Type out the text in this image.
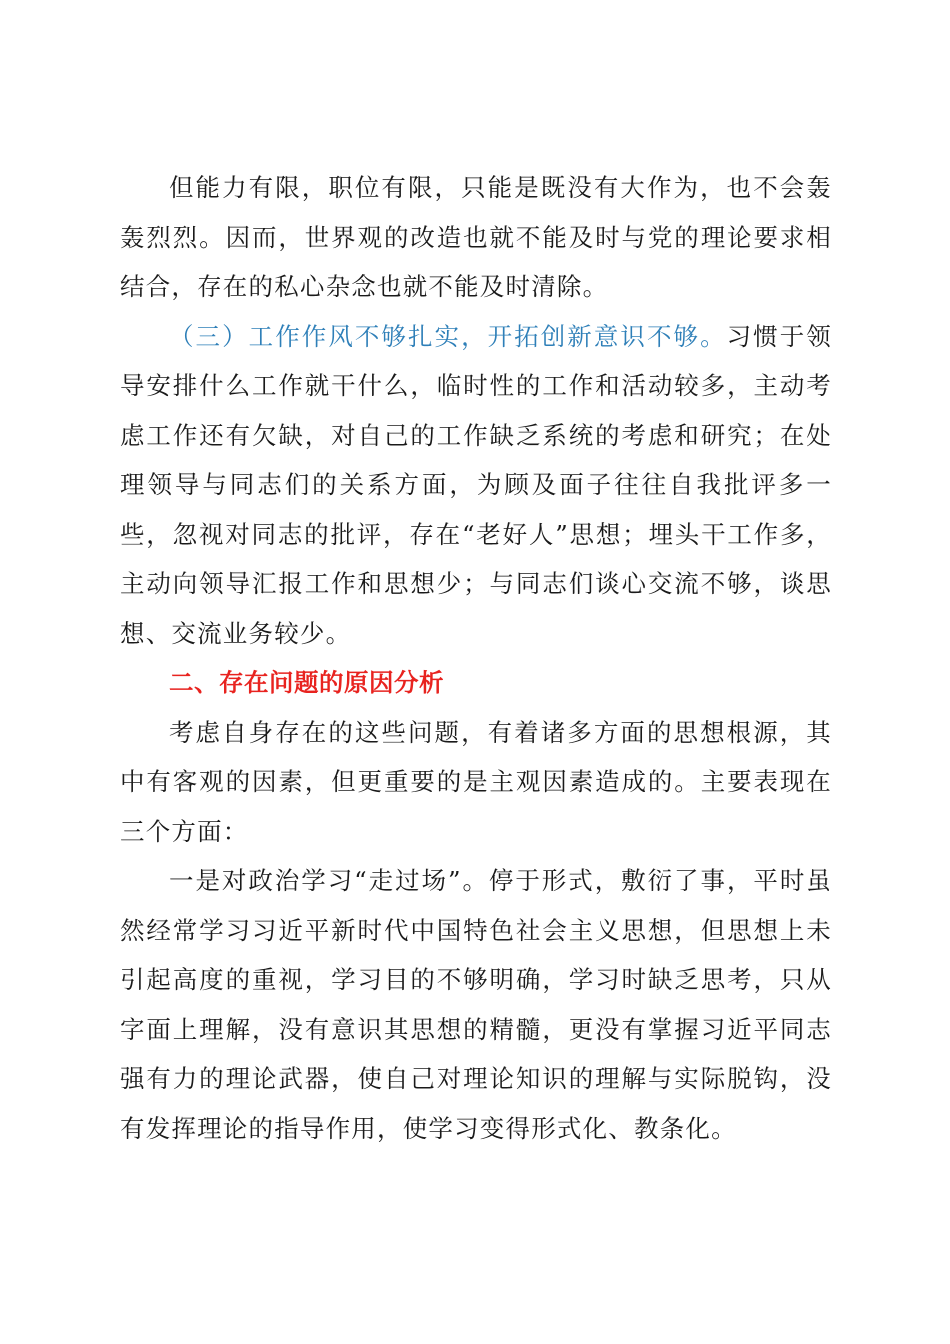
但能力有限，职位有限，只能是既没有大作为，也不会轰轰烈烈。因而，世界观的改造也就不能及时与党的理论要求相结合，存在的私心杂念也就不能及时清除。

（三）工作作风不够扎实，开拓创新意识不够。习惯于领导安排什么工作就干什么，临时性的工作和活动较多，主动考虑工作还有欠缺，对自己的工作缺乏系统的考虑和研究；在处理领导与同志们的关系方面，为顾及面子往往自我批评多一些，忽视对同志的批评，存在“老好人”思想；埋头干工作多，主动向领导汇报工作和思想少；与同志们谈心交流不够，谈思想、交流业务较少。

二、存在问题的原因分析

考虑自身存在的这些问题，有着诸多方面的思想根源，其中有客观的因素，但更重要的是主观因素造成的。主要表现在三个方面：

一是对政治学习“走过场”。停于形式，敷衍了事，平时虽然经常学习习近平新时代中国特色社会主义思想，但思想上未引起高度的重视，学习目的不够明确，学习时缺乏思考，只从字面上理解，没有意识其思想的精髓，更没有掌握习近平同志强有力的理论武器，使自己对理论知识的理解与实际脱钩，没有发挥理论的指导作用，使学习变得形式化、教条化。
